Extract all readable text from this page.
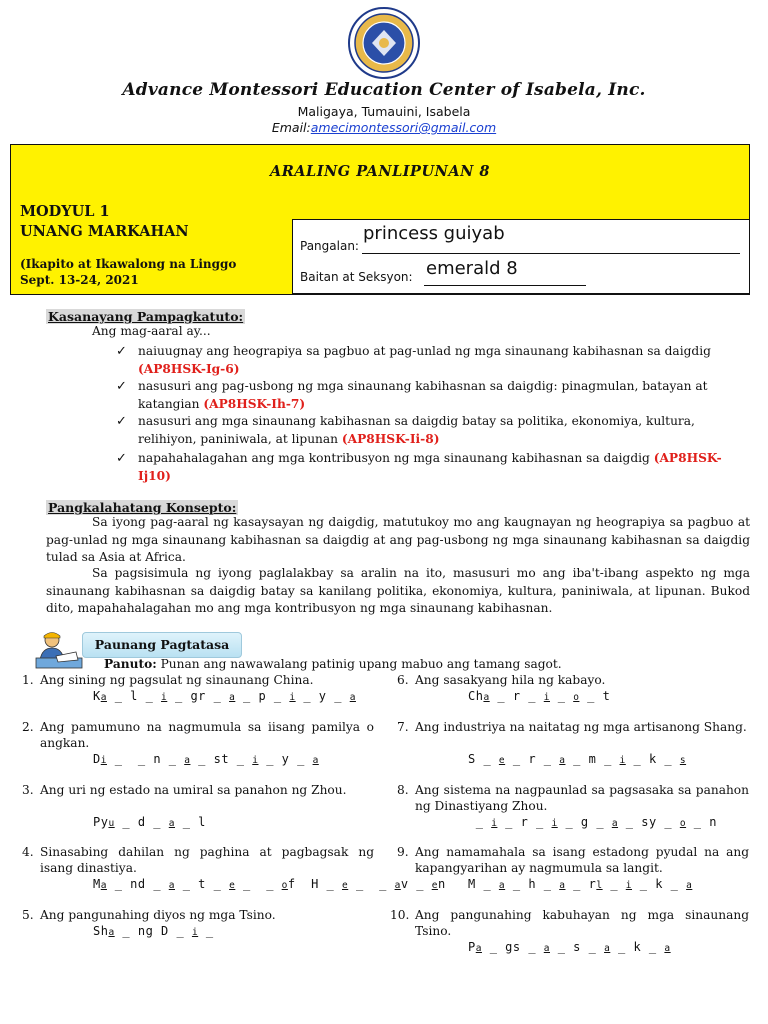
Advance Montessori Education Center of Isabela, Inc.
Maligaya, Tumauini, Isabela
Email:amecimontessori@gmail.com
ARALING PANLIPUNAN 8
MODYUL 1
UNANG MARKAHAN
(Ikapito at Ikawalong na Linggo
Sept. 13-24, 2021
Pangalan:
princess guiyab
Baitan at Seksyon: emerald 8
Kasanayang Pampagkatuto:
Ang mag-aaral ay...
✓ naiuugnay ang heograpiya sa pagbuo at pag-unlad ng mga sinaunang kabihasnan sa daigdig (AP8HSK-Ig-6)
✓ nasusuri ang pag-usbong ng mga sinaunang kabihasnan sa daigdig: pinagmulan, batayan at katangian (AP8HSK-Ih-7)
✓ nasusuri ang mga sinaunang kabihasnan sa daigdig batay sa politika, ekonomiya, kultura, relihiyon, paniniwala, at lipunan (AP8HSK-Ii-8)
✓ napahahalagahan ang mga kontribusyon ng mga sinaunang kabihasnan sa daigdig (AP8HSK-Ij10)
Pangkalahatang Konsepto:
Sa iyong pag-aaral ng kasaysayan ng daigdig, matutukoy mo ang kaugnayan ng heograpiya sa pagbuo at pag-unlad ng mga sinaunang kabihasnan sa daigdig at ang pag-usbong ng mga sinaunang kabihasnan sa daigdig tulad sa Asia at Africa.
Sa pagsisimula ng iyong paglalakbay sa aralin na ito, masusuri mo ang iba't-ibang aspekto ng mga sinaunang kabihasnan sa daigdig batay sa kanilang politika, ekonomiya, kultura, paniniwala, at lipunan. Bukod dito, mapahahalagahan mo ang mga kontribusyon ng mga sinaunang kabihasnan.
Paunang Pagtatasa
Panuto: Punan ang nawawalang patinig upang mabuo ang tamang sagot.
1. Ang sining ng pagsulat ng sinaunang China.
Ka _ l _ i _ gr _ a _ p _ i _ y _ a
2. Ang pamumuno na nagmumula sa iisang pamilya o angkan.
Di _  _ n _ a _ st _ i _ y _ a
3. Ang uri ng estado na umiral sa panahon ng Zhou.
Pyu _ d _ a _ l
4. Sinasabing dahilan ng paghina at pagbagsak ng isang dinastiya.
Ma _ nd _ a _ t _ e _  _ of  H _ e _  _ av _ en
5. Ang pangunahing diyos ng mga Tsino.
Sha _ ng D _ i _ 
6. Ang sasakyang hila ng kabayo.
Cha _ r _ i _ o _ t
7. Ang industriya na naitatag ng mga artisanong Shang.
S _ e _ r _ a _ m _ i _ k _ s
8. Ang sistema na nagpaunlad sa pagsasaka sa panahon ng Dinastiyang Zhou.
 _ i _ r _ i _ g _ a _ sy _ o _ n
9. Ang namamahala sa isang estadong pyudal na ang kapangyarihan ay nagmumula sa langit.
M _ a _ h _ a _ rl _ i _ k _ a
10. Ang pangunahing kabuhayan ng mga sinaunang Tsino.
Pa _ gs _ a _ s _ a _ k _ a
